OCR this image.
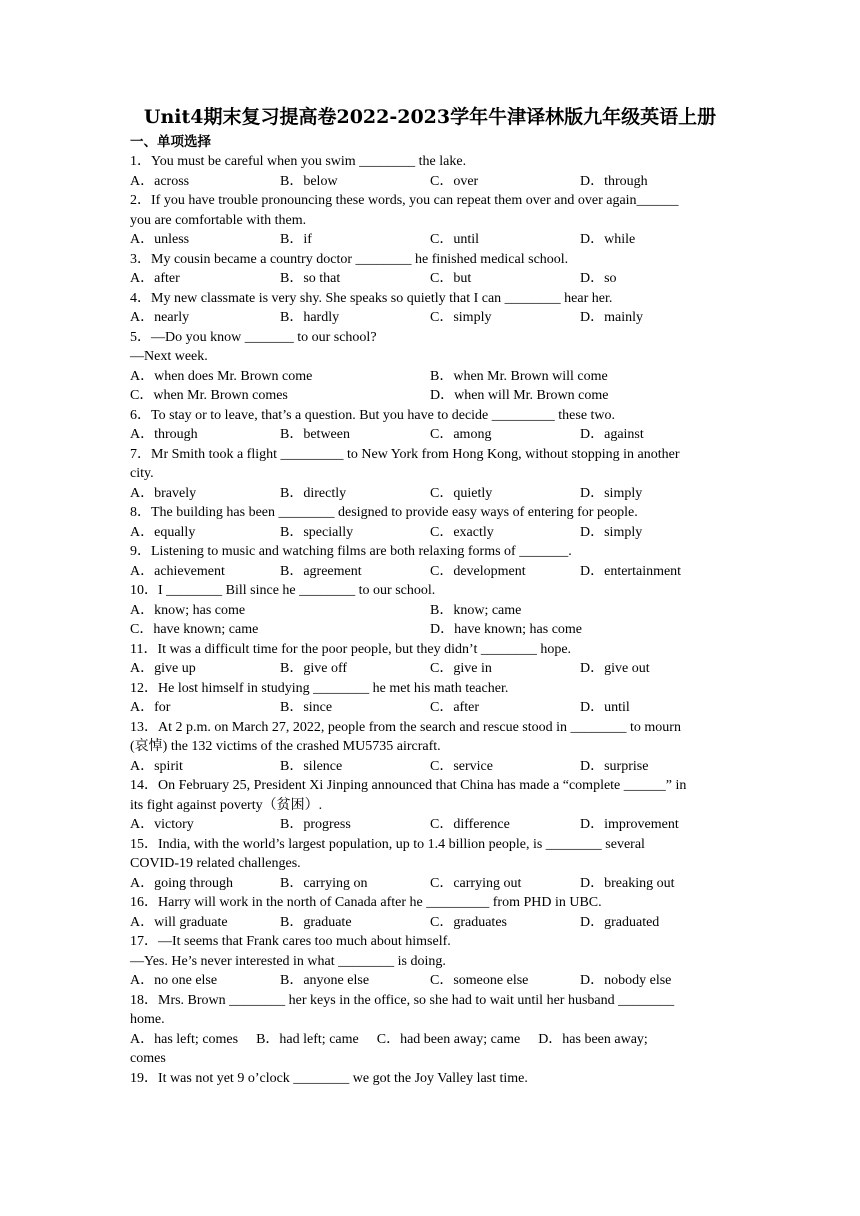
Unit4期末复习提高卷2022-2023学年牛津译林版九年级英语上册
一、单项选择
1．You must be careful when you swim ________ the lake.
A．across	B．below	C．over	D．through
2．If you have trouble pronouncing these words, you can repeat them over and over again______
you are comfortable with them.
A．unless	B．if	C．until	D．while
3．My cousin became a country doctor ________ he finished medical school.
A．after	B．so that	C．but	D．so
4．My new classmate is very shy. She speaks so quietly that I can ________ hear her.
A．nearly	B．hardly	C．simply	D．mainly
5．—Do you know _______ to our school?
—Next week.
A．when does Mr. Brown come	B．when Mr. Brown will come
C．when Mr. Brown comes	D．when will Mr. Brown come
6．To stay or to leave, that’s a question. But you have to decide _________ these two.
A．through	B．between	C．among	D．against
7．Mr Smith took a flight _________ to New York from Hong Kong, without stopping in another
city.
A．bravely	B．directly	C．quietly	D．simply
8．The building has been ________ designed to provide easy ways of entering for people.
A．equally	B．specially	C．exactly	D．simply
9．Listening to music and watching films are both relaxing forms of _______.
A．achievement	B．agreement	C．development	D．entertainment
10．I ________ Bill since he ________ to our school.
A．know; has come	B．know; came
C．have known; came	D．have known; has come
11．It was a difficult time for the poor people, but they didn’t ________ hope.
A．give up	B．give off	C．give in	D．give out
12．He lost himself in studying ________ he met his math teacher.
A．for	B．since	C．after	D．until
13．At 2 p.m. on March 27, 2022, people from the search and rescue stood in ________ to mourn
(哀悼) the 132 victims of the crashed MU5735 aircraft.
A．spirit	B．silence	C．service	D．surprise
14．On February 25, President Xi Jinping announced that China has made a “complete ______” in
its fight against poverty（贫困）.
A．victory	B．progress	C．difference	D．improvement
15．India, with the world’s largest population, up to 1.4 billion people, is ________ several
COVID-19 related challenges.
A．going through	B．carrying on	C．carrying out	D．breaking out
16．Harry will work in the north of Canada after he _________ from PHD in UBC.
A．will graduate	B．graduate	C．graduates	D．graduated
17．—It seems that Frank cares too much about himself.
—Yes. He’s never interested in what ________ is doing.
A．no one else	B．anyone else	C．someone else	D．nobody else
18．Mrs. Brown ________ her keys in the office, so she had to wait until her husband ________
home.
A．has left; comes B．had left; came C．had been away; came D．has been away;
comes
19．It was not yet 9 o’clock ________ we got the Joy Valley last time.
